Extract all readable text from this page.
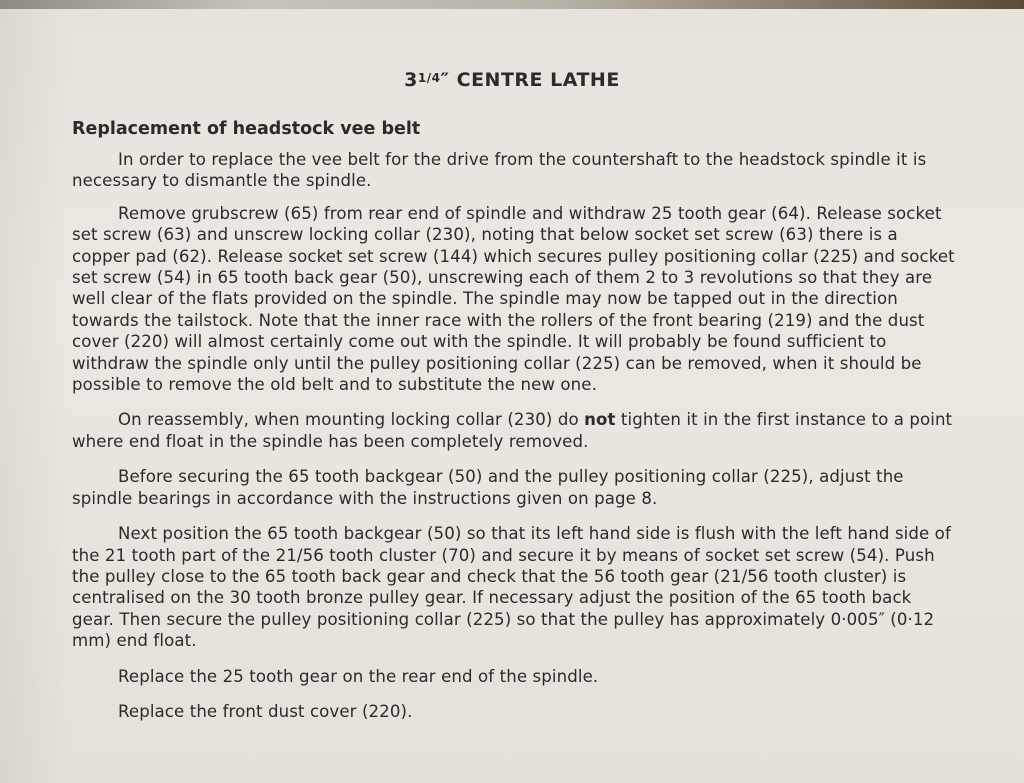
$3^{1/4}''$ CENTRE LATHE
Replacement of headstock vee belt

In order to replace the vee belt for the drive from the countershaft to the headstock spindle it is necessary to dismantle the spindle.

Remove grubscrew (65) from rear end of spindle and withdraw 25 tooth gear (64). Release socket set screw (63) and unscrew locking collar (230), noting that below socket set screw (63) there is a copper pad (62). Release socket set screw (144) which secures pulley positioning collar (225) and socket set screw (54) in 65 tooth back gear (50), unscrewing each of them 2 to 3 revolutions so that they are well clear of the flats provided on the spindle. The spindle may now be tapped out in the direction towards the tailstock. Note that the inner race with the rollers of the front bearing (219) and the dust cover (220) will almost certainly come out with the spindle. It will probably be found sufficient to withdraw the spindle only until the pulley positioning collar (225) can be removed, when it should be possible to remove the old belt and to substitute the new one.

On reassembly, when mounting locking collar (230) do not tighten it in the first instance to a point where end float in the spindle has been completely removed.

Before securing the 65 tooth backgear (50) and the pulley positioning collar (225), adjust the spindle bearings in accordance with the instructions given on page 8.

Next position the 65 tooth backgear (50) so that its left hand side is flush with the left hand side of the 21 tooth part of the 21/56 tooth cluster (70) and secure it by means of socket set screw (54). Push the pulley close to the 65 tooth back gear and check that the 56 tooth gear (21/56 tooth cluster) is centralised on the 30 tooth bronze pulley gear. If necessary adjust the position of the 65 tooth back gear. Then secure the pulley positioning collar (225) so that the pulley has approximately 0·005″ (0·12 mm) end float.

Replace the 25 tooth gear on the rear end of the spindle.

Replace the front dust cover (220).
